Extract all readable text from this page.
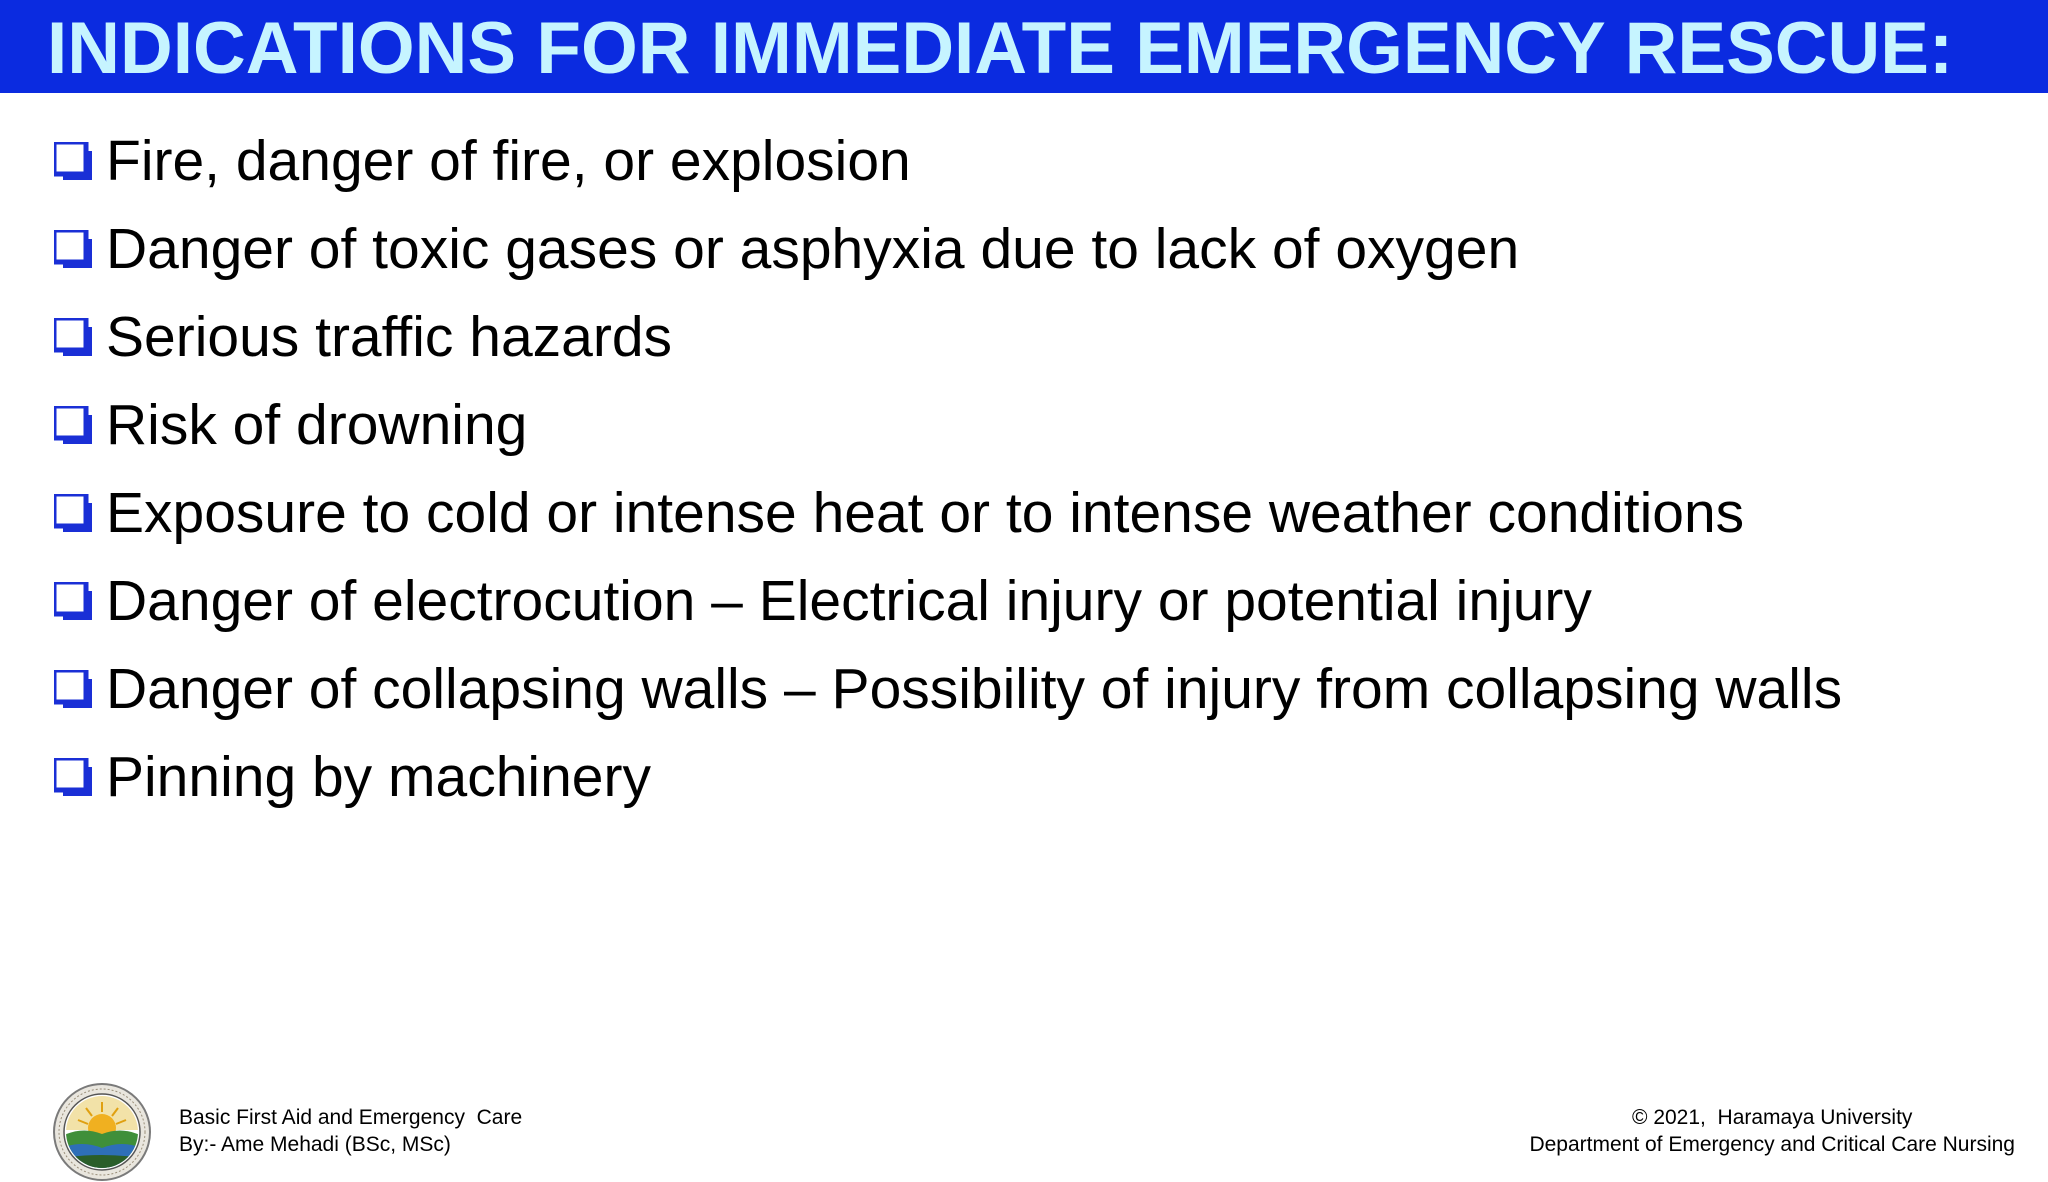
INDICATIONS FOR IMMEDIATE EMERGENCY RESCUE:
Fire, danger of fire, or explosion
Danger of toxic gases or asphyxia due to lack of oxygen
Serious traffic hazards
Risk of drowning
Exposure to cold or intense heat or to intense weather conditions
Danger of electrocution – Electrical injury or potential injury
Danger of collapsing walls – Possibility of injury from collapsing walls
Pinning by machinery
Basic First Aid and Emergency  Care
By:- Ame Mehadi (BSc, MSc)
© 2021,  Haramaya University
Department of Emergency and Critical Care Nursing
